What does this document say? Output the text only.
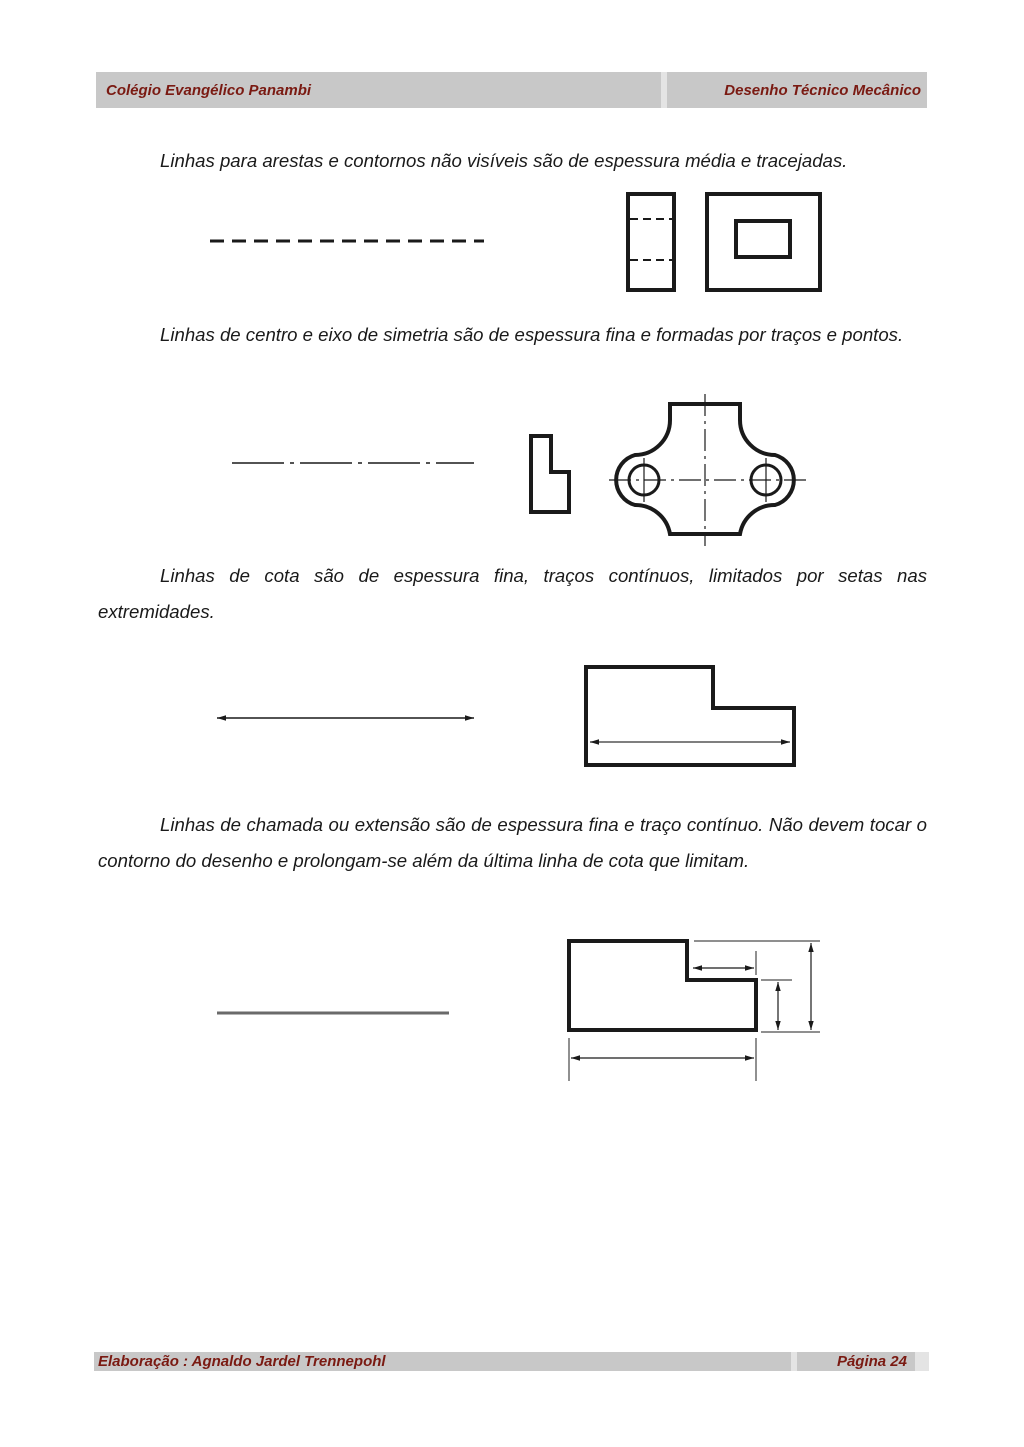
Colégio Evangélico Panambi	Desenho Técnico Mecânico

Linhas para arestas e contornos não visíveis são de espessura média e tracejadas.

Linhas de centro e eixo de simetria são de espessura fina e formadas por traços e pontos.

Linhas de cota são de espessura fina, traços contínuos, limitados por setas nas extremidades.

Linhas de chamada ou extensão são de espessura fina e traço contínuo. Não devem tocar o contorno do desenho e prolongam-se além da última linha de cota que limitam.

Elaboração : Agnaldo Jardel Trennepohl	Página 24
